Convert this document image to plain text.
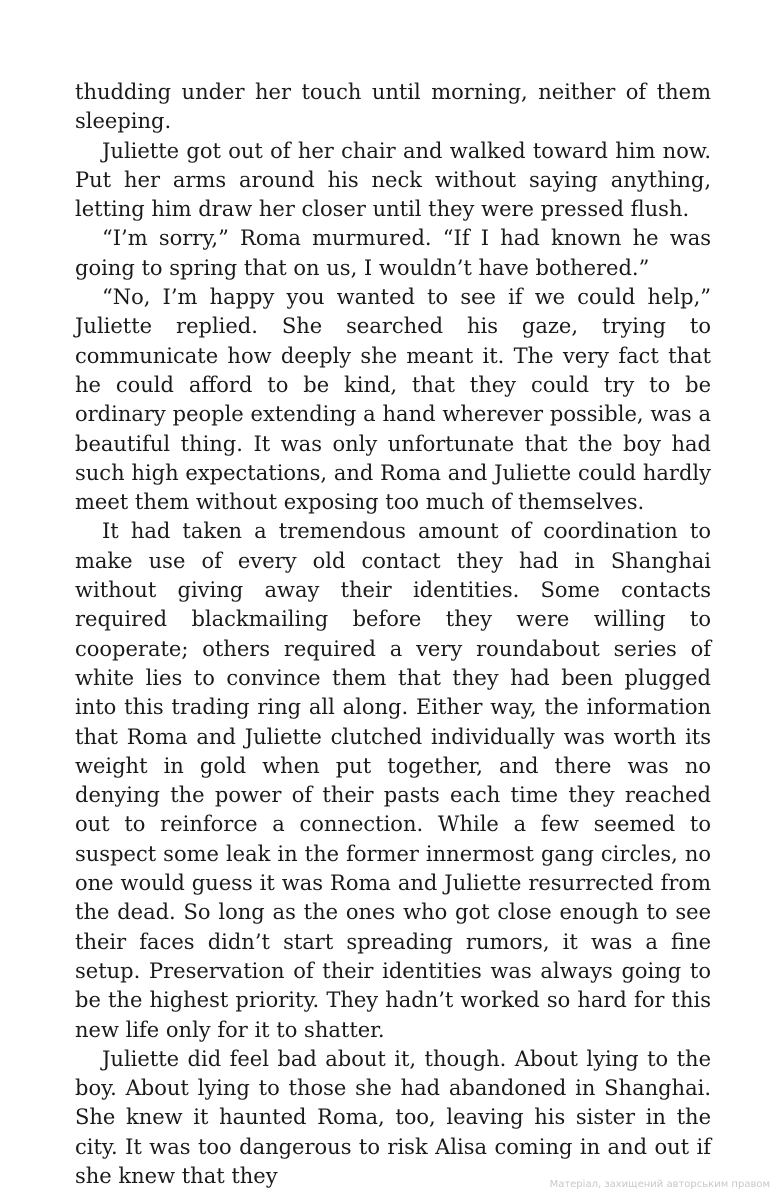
thudding under her touch until morning, neither of them sleeping.

Juliette got out of her chair and walked toward him now. Put her arms around his neck without saying anything, letting him draw her closer until they were pressed flush.

“I’m sorry,” Roma murmured. “If I had known he was going to spring that on us, I wouldn’t have bothered.”

“No, I’m happy you wanted to see if we could help,” Juliette replied. She searched his gaze, trying to communicate how deeply she meant it. The very fact that he could afford to be kind, that they could try to be ordinary people extending a hand wherever possible, was a beautiful thing. It was only unfortunate that the boy had such high expectations, and Roma and Juliette could hardly meet them without exposing too much of themselves.

It had taken a tremendous amount of coordination to make use of every old contact they had in Shanghai without giving away their identities. Some contacts required blackmailing before they were willing to cooperate; others required a very roundabout series of white lies to convince them that they had been plugged into this trading ring all along. Either way, the information that Roma and Juliette clutched individually was worth its weight in gold when put together, and there was no denying the power of their pasts each time they reached out to reinforce a connection. While a few seemed to suspect some leak in the former innermost gang circles, no one would guess it was Roma and Juliette resurrected from the dead. So long as the ones who got close enough to see their faces didn’t start spreading rumors, it was a fine setup. Preservation of their identities was always going to be the highest priority. They hadn’t worked so hard for this new life only for it to shatter.

Juliette did feel bad about it, though. About lying to the boy. About lying to those she had abandoned in Shanghai. She knew it haunted Roma, too, leaving his sister in the city. It was too dangerous to risk Alisa coming in and out if she knew that they	Матеріал, захищений авторським правом
